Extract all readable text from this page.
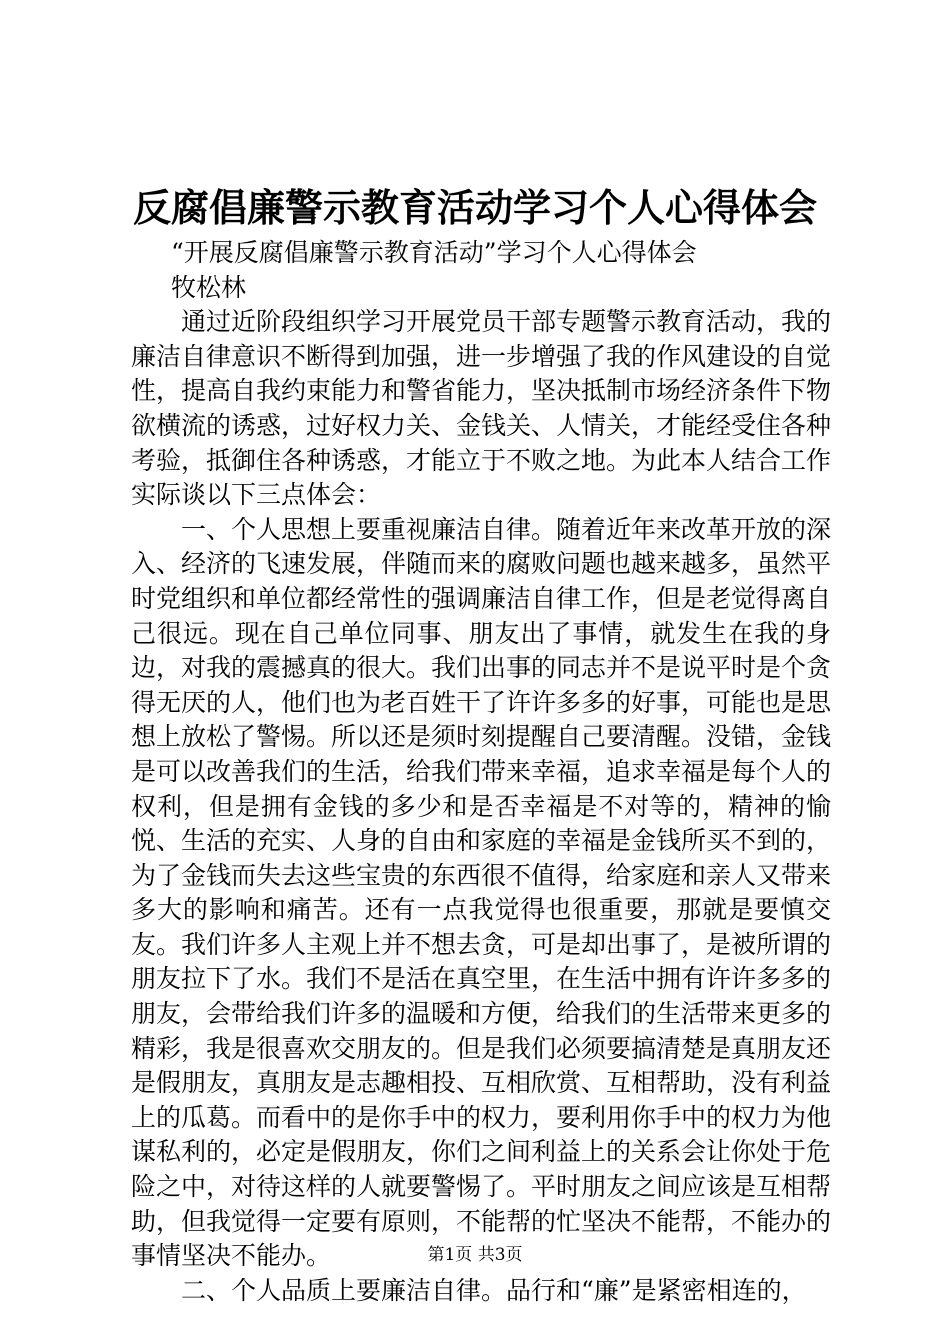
反腐倡廉警示教育活动学习个人心得体会

“开展反腐倡廉警示教育活动”学习个人心得体会

牧松林

通过近阶段组织学习开展党员干部专题警示教育活动，我的廉洁自律意识不断得到加强，进一步增强了我的作风建设的自觉性，提高自我约束能力和警省能力，坚决抵制市场经济条件下物欲横流的诱惑，过好权力关、金钱关、人情关，才能经受住各种考验，抵御住各种诱惑，才能立于不败之地。为此本人结合工作实际谈以下三点体会：

一、个人思想上要重视廉洁自律。随着近年来改革开放的深入、经济的飞速发展，伴随而来的腐败问题也越来越多，虽然平时党组织和单位都经常性的强调廉洁自律工作，但是老觉得离自己很远。现在自己单位同事、朋友出了事情，就发生在我的身边，对我的震撼真的很大。我们出事的同志并不是说平时是个贪得无厌的人，他们也为老百姓干了许许多多的好事，可能也是思想上放松了警惕。所以还是须时刻提醒自己要清醒。没错，金钱是可以改善我们的生活，给我们带来幸福，追求幸福是每个人的权利，但是拥有金钱的多少和是否幸福是不对等的，精神的愉悦、生活的充实、人身的自由和家庭的幸福是金钱所买不到的，为了金钱而失去这些宝贵的东西很不值得，给家庭和亲人又带来多大的影响和痛苦。还有一点我觉得也很重要，那就是要慎交友。我们许多人主观上并不想去贪，可是却出事了，是被所谓的朋友拉下了水。我们不是活在真空里，在生活中拥有许许多多的朋友，会带给我们许多的温暖和方便，给我们的生活带来更多的精彩，我是很喜欢交朋友的。但是我们必须要搞清楚是真朋友还是假朋友，真朋友是志趣相投、互相欣赏、互相帮助，没有利益上的瓜葛。而看中的是你手中的权力，要利用你手中的权力为他谋私利的，必定是假朋友，你们之间利益上的关系会让你处于危险之中，对待这样的人就要警惕了。平时朋友之间应该是互相帮助，但我觉得一定要有原则，不能帮的忙坚决不能帮，不能办的事情坚决不能办。

二、个人品质上要廉洁自律。品行和“廉”是紧密相连的，

第1页 共3页
